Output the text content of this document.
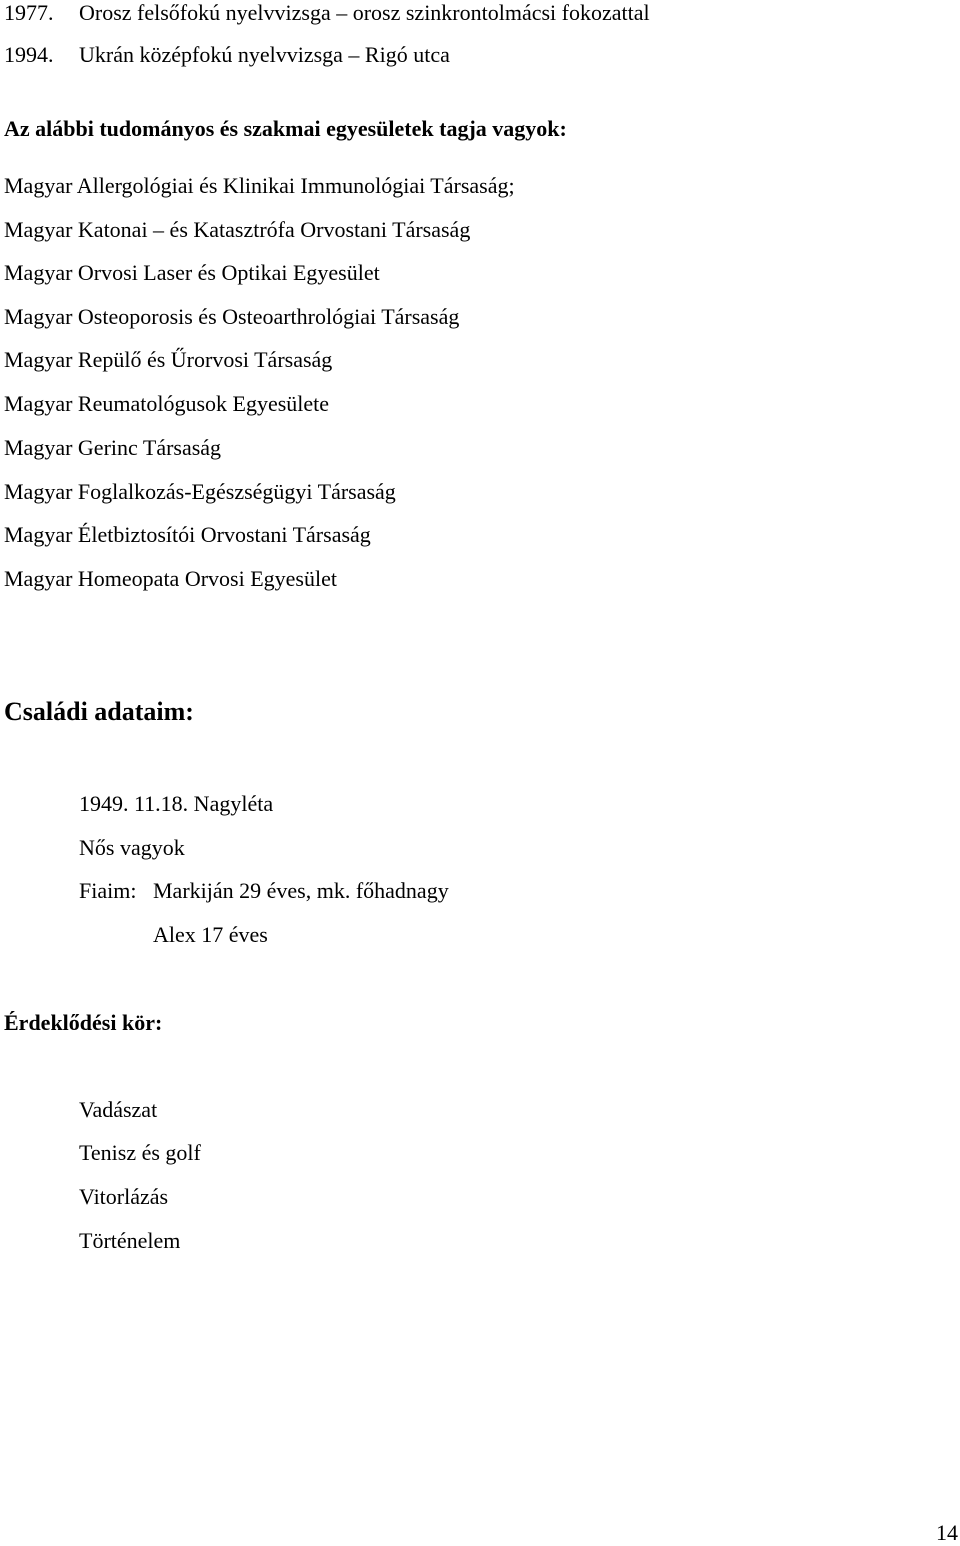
1977. Orosz felsőfokú nyelvvizsga – orosz szinkrontolmácsi fokozattal
1994. Ukrán középfokú nyelvvizsga – Rigó utca
Az alábbi tudományos és szakmai egyesületek tagja vagyok:
Magyar Allergológiai és Klinikai Immunológiai Társaság;
Magyar Katonai – és Katasztrófa Orvostani Társaság
Magyar Orvosi Laser és Optikai Egyesület
Magyar Osteoporosis és Osteoarthrológiai Társaság
Magyar Repülő és Űrorvosi Társaság
Magyar Reumatológusok Egyesülete
Magyar Gerinc Társaság
Magyar Foglalkozás-Egészségügyi Társaság
Magyar Életbiztosítói Orvostani Társaság
Magyar Homeopata Orvosi Egyesület
Családi adataim:
1949. 11.18. Nagyléta
Nős vagyok
Fiaim: Markiján 29 éves, mk. főhadnagy
Alex 17 éves
Érdeklődési kör:
Vadászat
Tenisz és golf
Vitorlázás
Történelem
14
